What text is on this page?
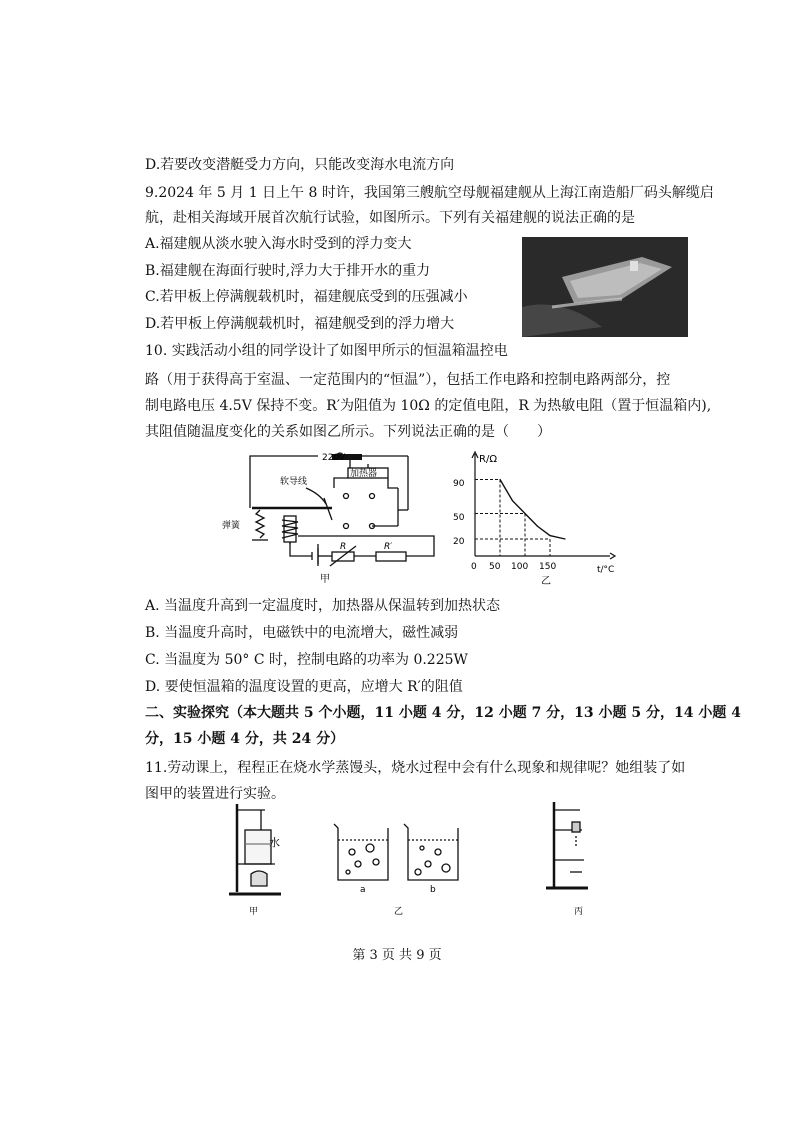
D.若要改变潜艇受力方向，只能改变海水电流方向
9.2024 年 5 月 1 日上午 8 时许，我国第三艘航空母舰福建舰从上海江南造船厂码头解缆启
航，赴相关海域开展首次航行试验，如图所示。下列有关福建舰的说法正确的是
A.福建舰从淡水驶入海水时受到的浮力变大
B.福建舰在海面行驶时,浮力大于排开水的重力
C.若甲板上停满舰载机时，福建舰底受到的压强减小
D.若甲板上停满舰载机时，福建舰受到的浮力增大
10. 实践活动小组的同学设计了如图甲所示的恒温箱温控电
路（用于获得高于室温、一定范围内的“恒温”），包括工作电路和控制电路两部分，控
制电路电压 4.5V 保持不变。R′为阻值为 10Ω 的定值电阻，R 为热敏电阻（置于恒温箱内),
其阻值随温度变化的关系如图乙所示。下列说法正确的是（　　）
220V
加热器
软导线
弹簧
R	R′
甲
R/Ω
t/°C
90
50
20
0 50 100 150
乙
A. 当温度升高到一定温度时，加热器从保温转到加热状态
B. 当温度升高时，电磁铁中的电流增大，磁性减弱
C. 当温度为 50° C 时，控制电路的功率为 0.225W
D. 要使恒温箱的温度设置的更高，应增大 R′的阻值
二、实验探究（本大题共 5 个小题，11 小题 4 分，12 小题 7 分，13 小题 5 分，14 小题 4
分，15 小题 4 分，共 24 分）
11.劳动课上，程程正在烧水学蒸馒头，烧水过程中会有什么现象和规律呢？她组装了如
图甲的装置进行实验。
水
甲
a	b
乙	丙
第 3 页 共 9 页
